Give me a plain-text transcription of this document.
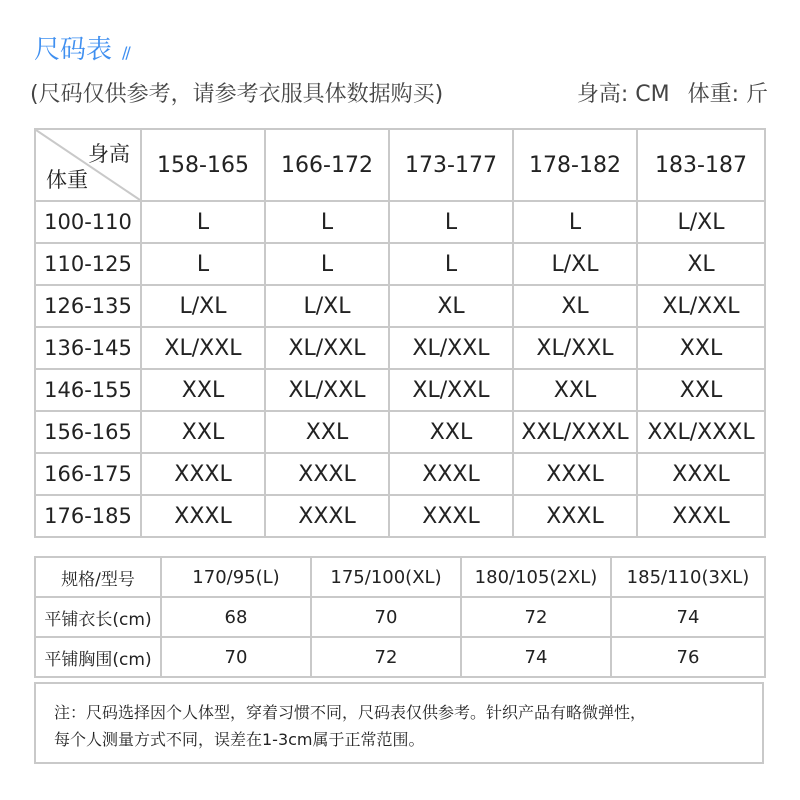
尺码表 //
(尺码仅供参考，请参考衣服具体数据购买)	身高: CM 体重: 斤
身高
体重	158-165	166-172	173-177	178-182	183-187
100-110	L	L	L	L	L/XL
110-125	L	L	L	L/XL	XL
126-135	L/XL	L/XL	XL	XL	XL/XXL
136-145	XL/XXL	XL/XXL	XL/XXL	XL/XXL	XXL
146-155	XXL	XL/XXL	XL/XXL	XXL	XXL
156-165	XXL	XXL	XXL	XXL/XXXL	XXL/XXXL
166-175	XXXL	XXXL	XXXL	XXXL	XXXL
176-185	XXXL	XXXL	XXXL	XXXL	XXXL
规格/型号	170/95(L)	175/100(XL)	180/105(2XL)	185/110(3XL)
平铺衣长(cm)	68	70	72	74
平铺胸围(cm)	70	72	74	76
注：尺码选择因个人体型，穿着习惯不同，尺码表仅供参考。针织产品有略微弹性，
每个人测量方式不同，误差在1-3cm属于正常范围。
